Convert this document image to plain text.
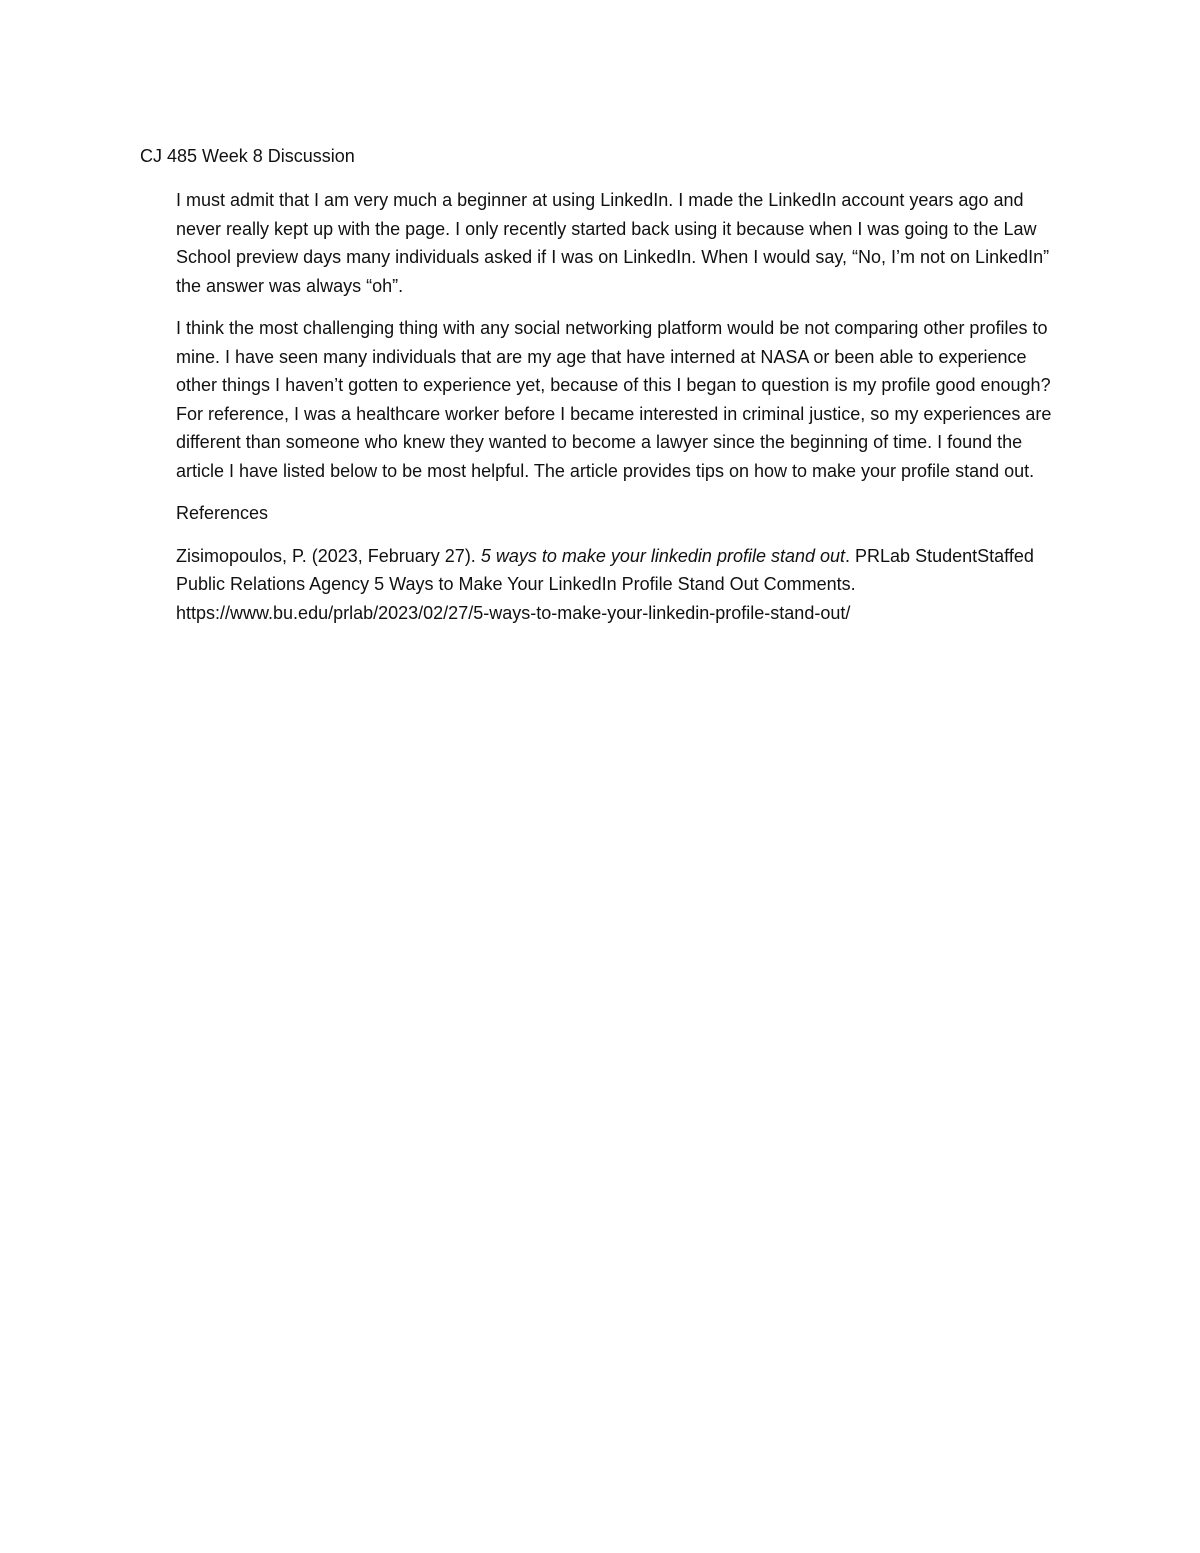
CJ 485 Week 8 Discussion

I must admit that I am very much a beginner at using LinkedIn. I made the LinkedIn account years ago and never really kept up with the page. I only recently started back using it because when I was going to the Law School preview days many individuals asked if I was on LinkedIn. When I would say, “No, I’m not on LinkedIn” the answer was always “oh”.

I think the most challenging thing with any social networking platform would be not comparing other profiles to mine. I have seen many individuals that are my age that have interned at NASA or been able to experience other things I haven’t gotten to experience yet, because of this I began to question is my profile good enough? For reference, I was a healthcare worker before I became interested in criminal justice, so my experiences are different than someone who knew they wanted to become a lawyer since the beginning of time. I found the article I have listed below to be most helpful. The article provides tips on how to make your profile stand out.

References

Zisimopoulos, P. (2023, February 27). 5 ways to make your linkedin profile stand out. PRLab StudentStaffed Public Relations Agency 5 Ways to Make Your LinkedIn Profile Stand Out Comments. https://www.bu.edu/prlab/2023/02/27/5-ways-to-make-your-linkedin-profile-stand-out/
